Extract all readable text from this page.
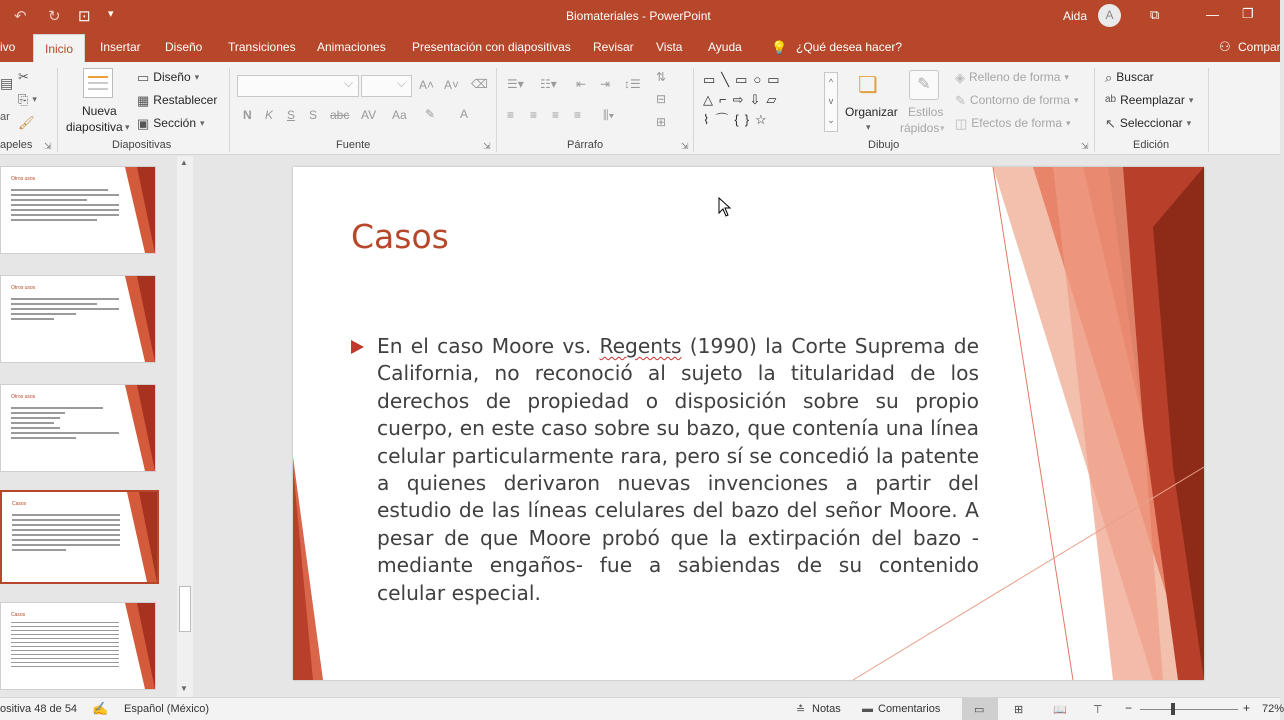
↶ ↻ ⊡ ▾	Biomateriales - PowerPoint	Aida	A	⧉	— ❐
ivo	Inicio	Insertar Diseño Transiciones Animaciones Presentación con diapositivas Revisar Vista Ayuda 💡 ¿Qué desea hacer?	⚇ Compar
▤
ar
✂
⎘ ▾
🖌
apeles ⇲
Nueva
diapositiva ▾
▭ Diseño ▾
▦ Restablecer
▣ Sección ▾
Diapositivas
⌵
⌵
A˄ A˅ ⌫
N K S S abc AV Aa ✎ A
Fuente	⇲
☰▾ ☷▾ ⇤ ⇥ ↕☰ ⇅
⊟
⊞
≡ ≡ ≡ ≡ ⫼▾
Párrafo	⇲
▭╲▭○▭
△⌐⇨⇩▱
⌇⌒{}☆
^
v
⌄
❏
Organizar
▾
✎
Estilos
rápidos ▾
◈ Relleno de forma ▾
✎ Contorno de forma ▾
◫ Efectos de forma ▾
Dibujo	⇲
⌕ Buscar
ab Reemplazar ▾
↖ Seleccionar ▾
Edición
Otros usos
Otros usos
Otros usos
Casos
Casos
▲
▼
Casos
En el caso Moore vs. Regents (1990) la Corte Suprema de California, no reconoció al sujeto la titularidad de los derechos de propiedad o disposición sobre su propio cuerpo, en este caso sobre su bazo, que contenía una línea celular particularmente rara, pero sí se concedió la patente a quienes derivaron nuevas invenciones a partir del estudio de las líneas celulares del bazo del señor Moore. A pesar de que Moore probó que la extirpación del bazo -mediante engaños- fue a sabiendas de su contenido celular especial.
ositiva 48 de 54 ✍ Español (México)	≛ Notas ▬ Comentarios	▭	⊞	📖 ⊤ −	+ 72%
